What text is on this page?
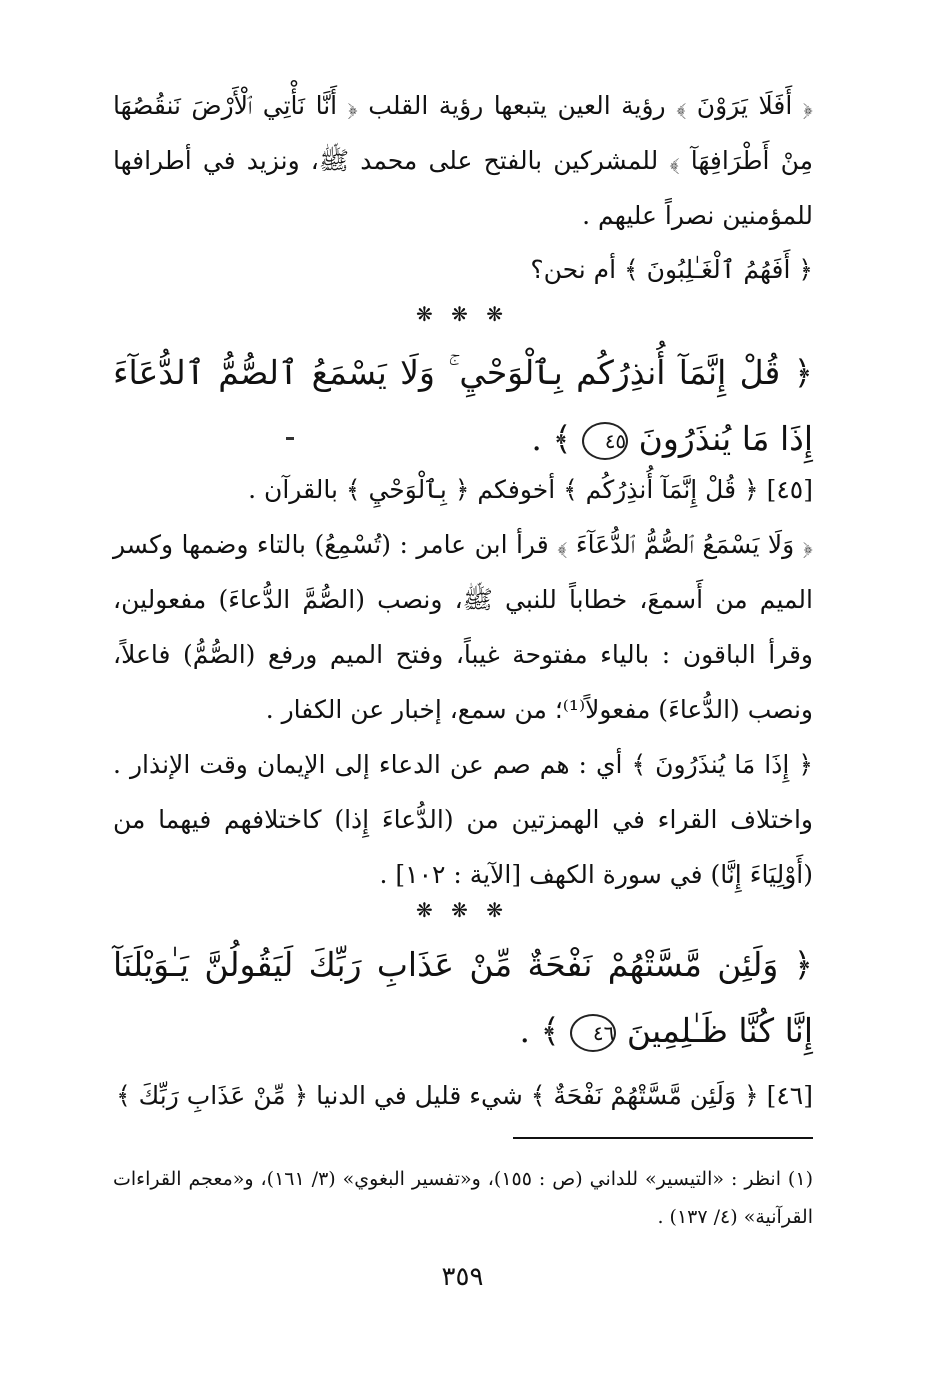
﴿ أَفَلَا يَرَوْنَ ﴾ رؤية العين يتبعها رؤية القلب ﴿ أَنَّا نَأْتِي ٱلْأَرْضَ نَنقُصُهَا مِنْ أَطْرَافِهَآ ﴾ للمشركين بالفتح على محمد ﷺ، ونزيد في أطرافها للمؤمنين نصراً عليهم .

﴿ أَفَهُمُ ٱلْغَـٰلِبُونَ ﴾ أم نحن؟

❋ ❋ ❋

﴿ قُلْ إِنَّمَآ أُنذِرُكُم بِٱلْوَحْيِ ۚ وَلَا يَسْمَعُ ٱلصُّمُّ ٱلدُّعَآءَ إِذَا مَا يُنذَرُونَ ٤٥ ﴾ .

[٤٥] ﴿ قُلْ إِنَّمَآ أُنذِرُكُم ﴾ أخوفكم ﴿ بِٱلْوَحْيِ ﴾ بالقرآن .

﴿ وَلَا يَسْمَعُ ٱلصُّمُّ ٱلدُّعَآءَ ﴾ قرأ ابن عامر : (تُسْمِعُ) بالتاء وضمها وكسر الميم من أَسمعَ، خطاباً للنبي ﷺ، ونصب (الصُّمَّ الدُّعاءَ) مفعولين، وقرأ الباقون : بالياء مفتوحة غيباً، وفتح الميم ورفع (الصُّمُّ) فاعلاً، ونصب (الدُّعاءَ) مفعولاً⁽¹⁾؛ من سمع، إخبار عن الكفار .

﴿ إِذَا مَا يُنذَرُونَ ﴾ أي : هم صم عن الدعاء إلى الإيمان وقت الإنذار . واختلاف القراء في الهمزتين من (الدُّعاءَ إِذا) كاختلافهم فيهما من (أَوْلِيَاءَ إِنَّا) في سورة الكهف [الآية : ١٠٢] .

❋ ❋ ❋

﴿ وَلَئِن مَّسَّتْهُمْ نَفْحَةٌ مِّنْ عَذَابِ رَبِّكَ لَيَقُولُنَّ يَـٰوَيْلَنَآ إِنَّا كُنَّا ظَـٰلِمِينَ ٤٦ ﴾ .

[٤٦] ﴿ وَلَئِن مَّسَّتْهُمْ نَفْحَةٌ ﴾ شيء قليل في الدنيا ﴿ مِّنْ عَذَابِ رَبِّكَ ﴾

(١) انظر : «التيسير» للداني (ص : ١٥٥)، و«تفسير البغوي» (٣/ ١٦١)، و«معجم القراءات القرآنية» (٤/ ١٣٧) .

٣٥٩
